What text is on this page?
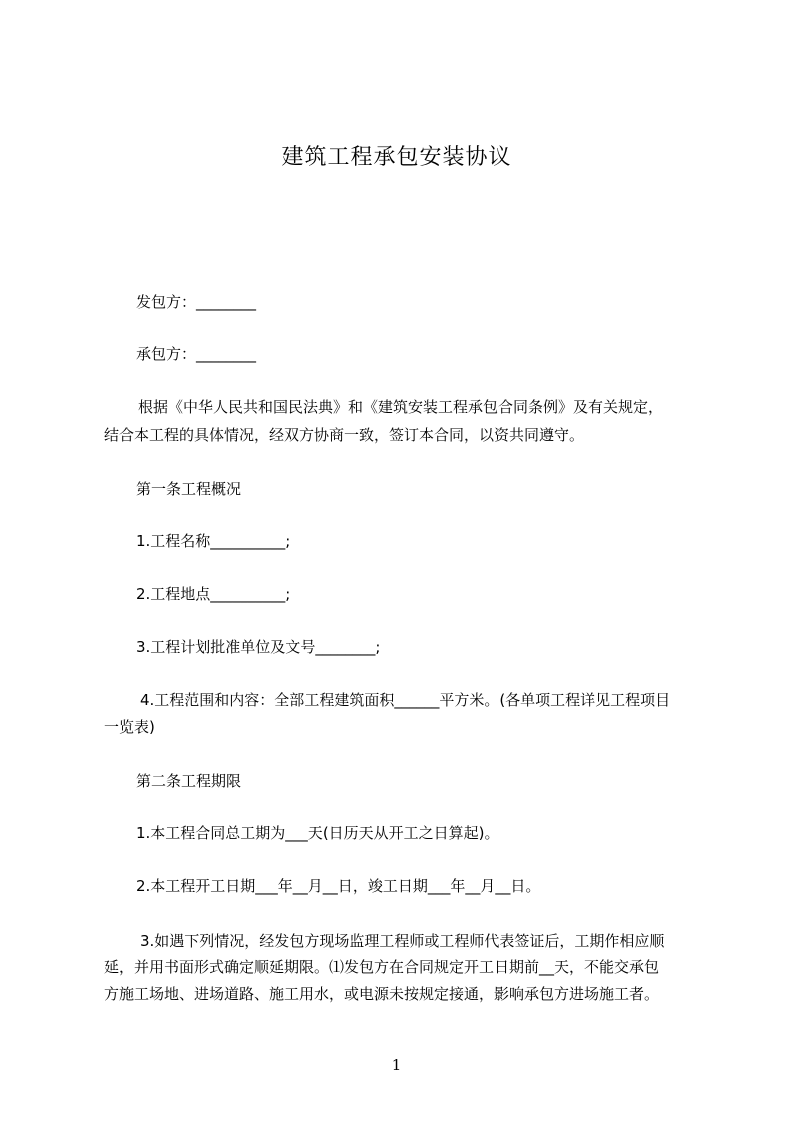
建筑工程承包安装协议
发包方：________
承包方：________
根据《中华人民共和国民法典》和《建筑安装工程承包合同条例》及有关规定，
结合本工程的具体情况，经双方协商一致，签订本合同，以资共同遵守。
第一条工程概况
1.工程名称__________;
2.工程地点__________;
3.工程计划批准单位及文号________;
4.工程范围和内容：全部工程建筑面积______平方米。(各单项工程详见工程项目
一览表)
第二条工程期限
1.本工程合同总工期为___天(日历天从开工之日算起)。
2.本工程开工日期___年__月__日，竣工日期___年__月__日。
3.如遇下列情况，经发包方现场监理工程师或工程师代表签证后，工期作相应顺
延，并用书面形式确定顺延期限。⑴发包方在合同规定开工日期前__天，不能交承包
方施工场地、进场道路、施工用水，或电源未按规定接通，影响承包方进场施工者。
1
